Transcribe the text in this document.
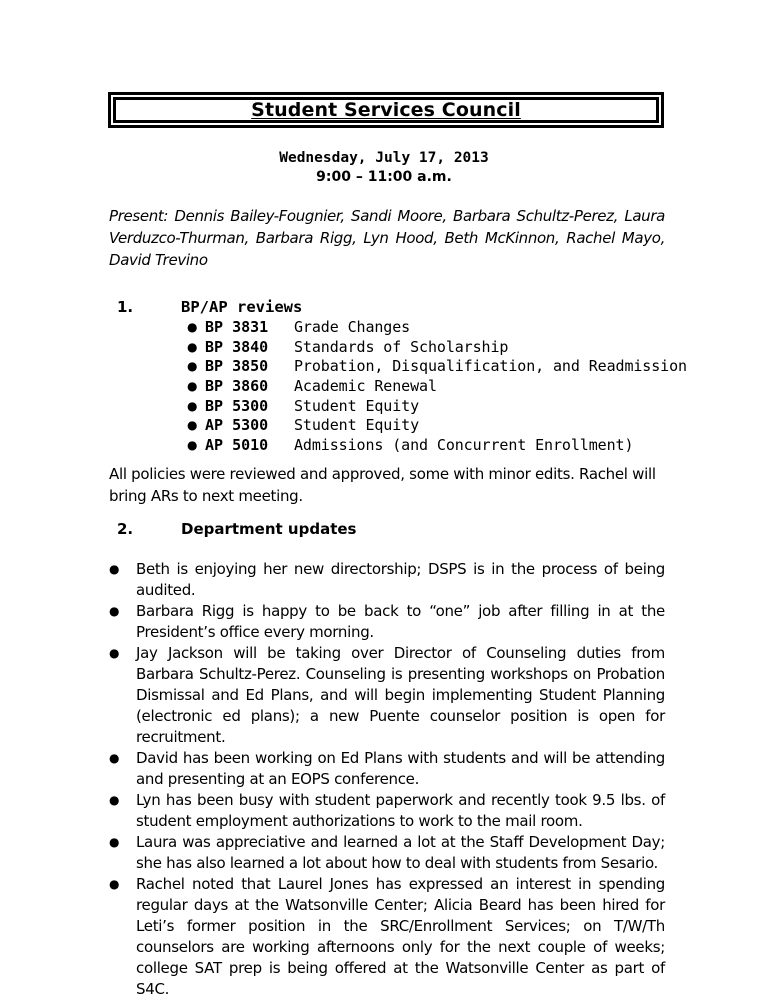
Student Services Council
Wednesday, July 17, 2013
9:00 – 11:00 a.m.
Present: Dennis Bailey-Fougnier, Sandi Moore, Barbara Schultz-Perez, Laura Verduzco-Thurman, Barbara Rigg, Lyn Hood, Beth McKinnon, Rachel Mayo, David Trevino
1.	BP/AP reviews
● BP 3831	Grade Changes
● BP 3840	Standards of Scholarship
● BP 3850	Probation, Disqualification, and Readmission
● BP 3860	Academic Renewal
● BP 5300	Student Equity
● AP 5300	Student Equity
● AP 5010	Admissions (and Concurrent Enrollment)
All policies were reviewed and approved, some with minor edits. Rachel will bring ARs to next meeting.
2.	Department updates
● Beth is enjoying her new directorship; DSPS is in the process of being audited.
● Barbara Rigg is happy to be back to “one” job after filling in at the President’s office every morning.
● Jay Jackson will be taking over Director of Counseling duties from Barbara Schultz-Perez. Counseling is presenting workshops on Probation Dismissal and Ed Plans, and will begin implementing Student Planning (electronic ed plans); a new Puente counselor position is open for recruitment.
● David has been working on Ed Plans with students and will be attending and presenting at an EOPS conference.
● Lyn has been busy with student paperwork and recently took 9.5 lbs. of student employment authorizations to work to the mail room.
● Laura was appreciative and learned a lot at the Staff Development Day; she has also learned a lot about how to deal with students from Sesario.
● Rachel noted that Laurel Jones has expressed an interest in spending regular days at the Watsonville Center; Alicia Beard has been hired for Leti’s former position in the SRC/Enrollment Services; on T/W/Th counselors are working afternoons only for the next couple of weeks; college SAT prep is being offered at the Watsonville Center as part of S4C.
